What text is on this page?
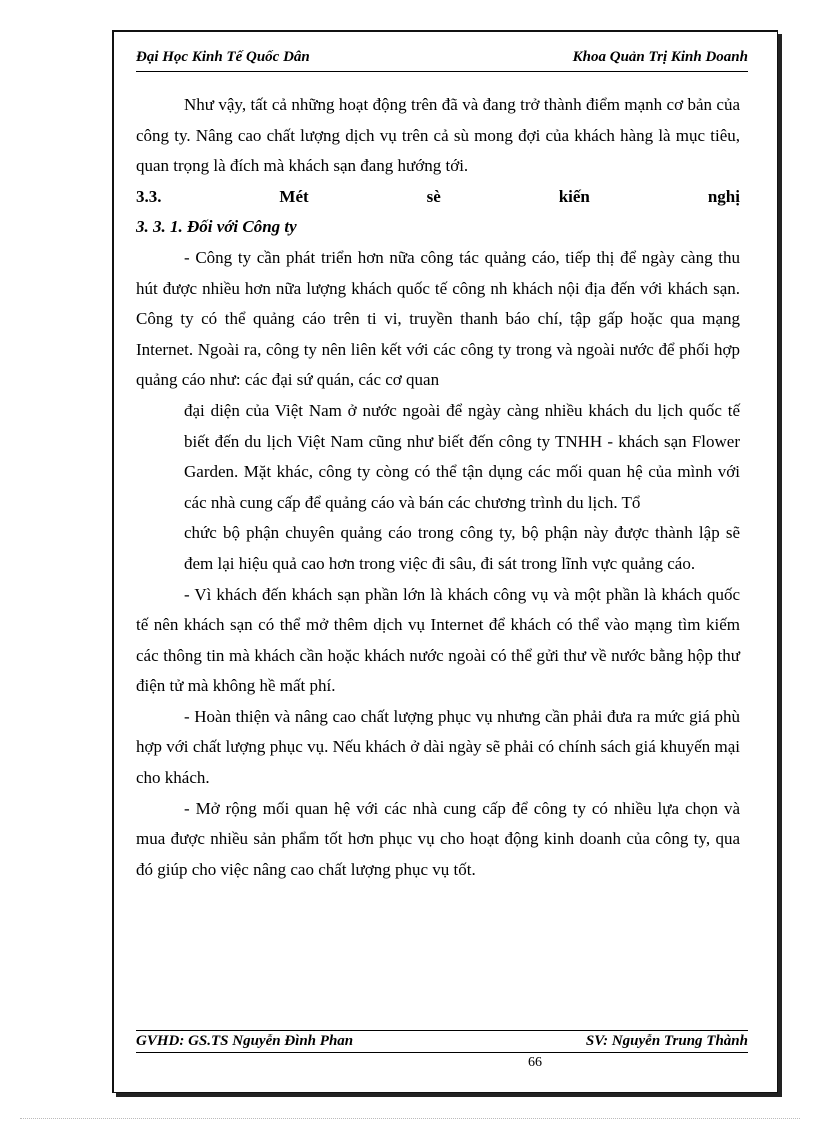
Đại Học Kinh Tế Quốc Dân	Khoa Quản Trị Kinh Doanh

Như vậy, tất cả những hoạt động trên đã và đang trở thành điểm mạnh cơ bản của công ty. Nâng cao chất lượng dịch vụ trên cả sù mong đợi của khách hàng là mục tiêu, quan trọng là đích mà khách sạn đang hướng tới.

3.3.	Mét	sè	kiến	nghị

3. 3. 1. Đối với Công ty

- Công ty cần phát triển hơn nữa công tác quảng cáo, tiếp thị để ngày càng thu hút được nhiều hơn nữa lượng khách quốc tế công nh khách nội địa đến với khách sạn. Công ty có thể quảng cáo trên ti vi, truyền thanh báo chí, tập gấp hoặc qua mạng Internet. Ngoài ra, công ty nên liên kết với các công ty trong và ngoài nước để phối hợp quảng cáo như: các đại sứ quán, các cơ quan

đại diện của Việt Nam ở nước ngoài để ngày càng nhiều khách du lịch quốc tế biết đến du lịch Việt Nam cũng như biết đến công ty TNHH - khách sạn Flower Garden. Mặt khác, công ty còng có thể tận dụng các mối quan hệ của mình với các nhà cung cấp để quảng cáo và bán các chương trình du lịch. Tổ

chức bộ phận chuyên quảng cáo trong công ty, bộ phận này được thành lập sẽ đem lại hiệu quả cao hơn trong việc đi sâu, đi sát trong lĩnh vực quảng cáo.

- Vì khách đến khách sạn phần lớn là khách công vụ và một phần là khách quốc tế nên khách sạn có thể mở thêm dịch vụ Internet để khách có thể vào mạng tìm kiếm các thông tin mà khách cần hoặc khách nước ngoài có thể gửi thư về nước bằng hộp thư điện tử mà không hề mất phí.

- Hoàn thiện và nâng cao chất lượng phục vụ nhưng cần phải đưa ra mức giá phù hợp với chất lượng phục vụ. Nếu khách ở dài ngày sẽ phải có chính sách giá khuyến mại cho khách.

- Mở rộng mối quan hệ với các nhà cung cấp để công ty có nhiều lựa chọn và mua được nhiều sản phẩm tốt hơn phục vụ cho hoạt động kinh doanh của công ty, qua đó giúp cho việc nâng cao chất lượng phục vụ tốt.

GVHD: GS.TS Nguyễn Đình Phan	SV: Nguyễn Trung Thành
66
